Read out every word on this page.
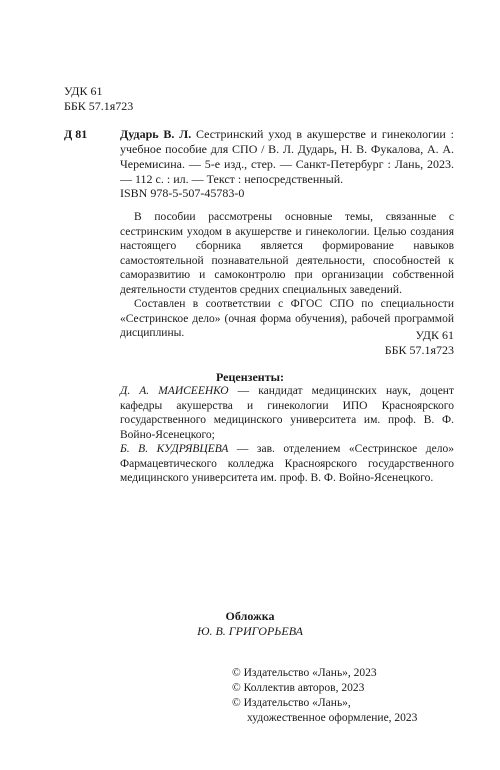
УДК 61
ББК 57.1я723
Д 81	Дударь В. Л. Сестринский уход в акушерстве и гинекологии : учебное пособие для СПО / В. Л. Дударь, Н. В. Фукалова, А. А. Черемисина. — 5-е изд., стер. — Санкт-Петербург : Лань, 2023. — 112 с. : ил. — Текст : непосредственный.
ISBN 978-5-507-45783-0

В пособии рассмотрены основные темы, связанные с сестринским уходом в акушерстве и гинекологии. Целью создания настоящего сборника является формирование навыков самостоятельной познавательной деятельности, способностей к саморазвитию и самоконтролю при организации собственной деятельности студентов средних специальных заведений.

Составлен в соответствии с ФГОС СПО по специальности «Сестринское дело» (очная форма обучения), рабочей программой дисциплины.	УДК 61
ББК 57.1я723
Рецензенты:

Д. А. МАИСЕЕНКО — кандидат медицинских наук, доцент кафедры акушерства и гинекологии ИПО Красноярского государственного медицинского университета им. проф. В. Ф. Войно-Ясенецкого;

Б. В. КУДРЯВЦЕВА — зав. отделением «Сестринское дело» Фармацевтического колледжа Красноярского государственного медицинского университета им. проф. В. Ф. Войно-Ясенецкого.

Обложка
Ю. В. ГРИГОРЬЕВА
© Издательство «Лань», 2023
© Коллектив авторов, 2023
© Издательство «Лань»,
художественное оформление, 2023
